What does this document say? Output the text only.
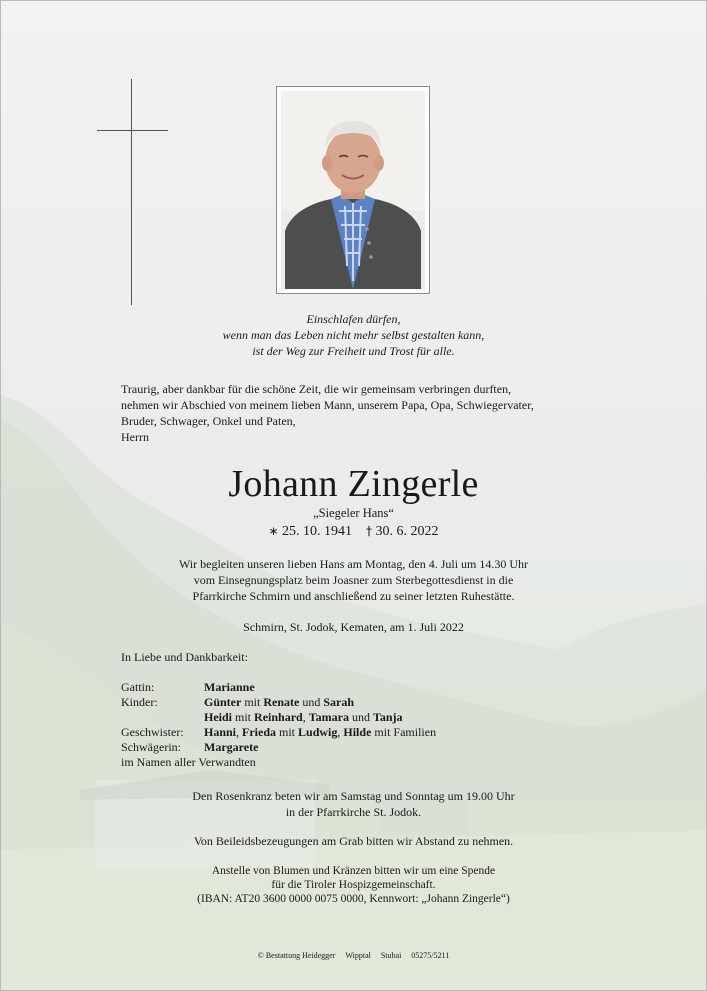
Einschlafen dürfen,
wenn man das Leben nicht mehr selbst gestalten kann,
ist der Weg zur Freiheit und Trost für alle.
Traurig, aber dankbar für die schöne Zeit, die wir gemeinsam verbringen durften,
nehmen wir Abschied von meinem lieben Mann, unserem Papa, Opa, Schwiegervater,
Bruder, Schwager, Onkel und Paten,
Herrn
Johann Zingerle
„Siegeler Hans“
∗ 25. 10. 1941 † 30. 6. 2022
Wir begleiten unseren lieben Hans am Montag, den 4. Juli um 14.30 Uhr
vom Einsegnungsplatz beim Joasner zum Sterbegottesdienst in die
Pfarrkirche Schmirn und anschließend zu seiner letzten Ruhestätte.
Schmirn, St. Jodok, Kematen, am 1. Juli 2022
In Liebe und Dankbarkeit:
Gattin:	Marianne
Kinder:	Günter mit Renate und Sarah
Heidi mit Reinhard, Tamara und Tanja
Geschwister:	Hanni, Frieda mit Ludwig, Hilde mit Familien
Schwägerin:	Margarete
im Namen aller Verwandten
Den Rosenkranz beten wir am Samstag und Sonntag um 19.00 Uhr
in der Pfarrkirche St. Jodok.
Von Beileidsbezeugungen am Grab bitten wir Abstand zu nehmen.
Anstelle von Blumen und Kränzen bitten wir um eine Spende
für die Tiroler Hospizgemeinschaft.
(IBAN: AT20 3600 0000 0075 0000, Kennwort: „Johann Zingerle“)
© Bestattung Heidegger Wipptal Stubai 05275/5211
